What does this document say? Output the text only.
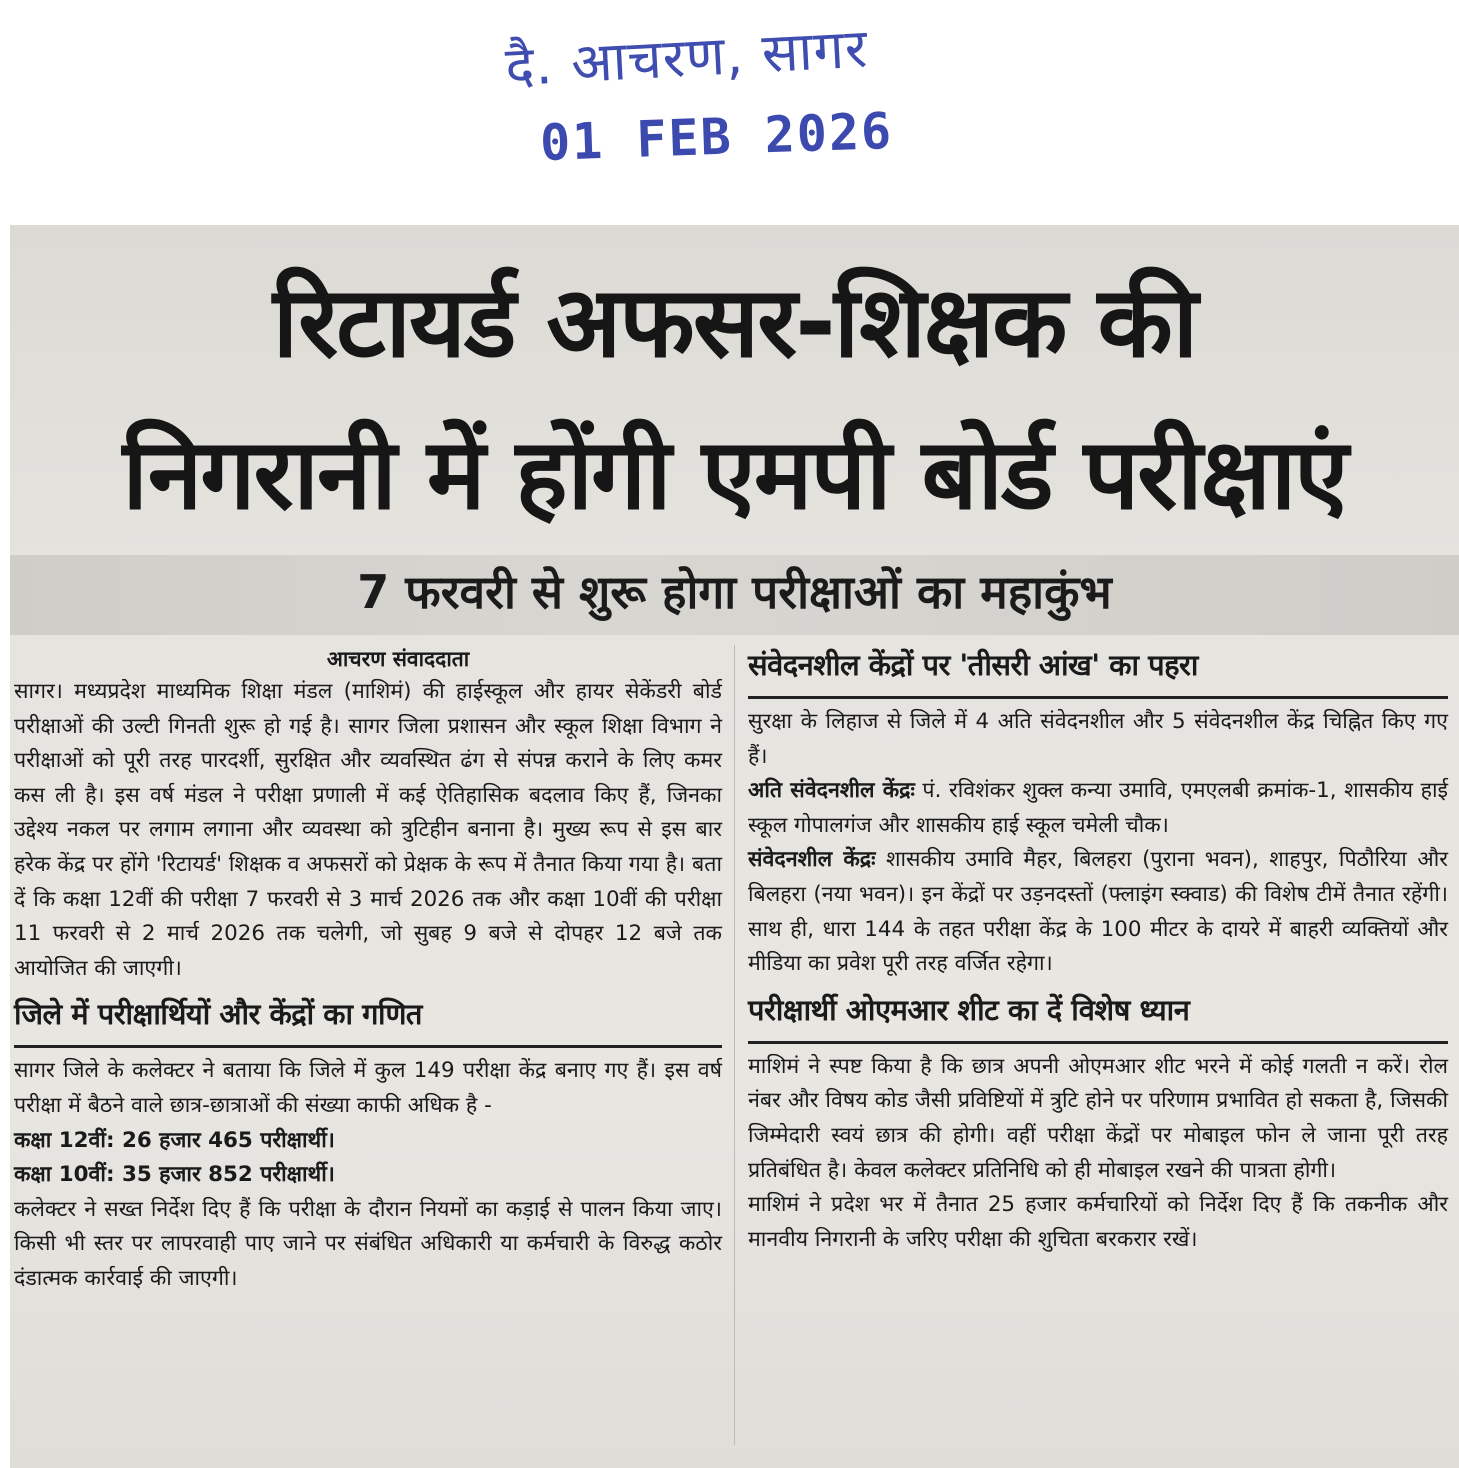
दै. आचरण, सागर
01 FEB 2026
रिटायर्ड अफसर-शिक्षक की
निगरानी में होंगी एमपी बोर्ड परीक्षाएं
7 फरवरी से शुरू होगा परीक्षाओं का महाकुंभ
आचरण संवाददाता

सागर। मध्यप्रदेश माध्यमिक शिक्षा मंडल (माशिमं) की हाईस्कूल और हायर सेकेंडरी बोर्ड परीक्षाओं की उल्टी गिनती शुरू हो गई है। सागर जिला प्रशासन और स्कूल शिक्षा विभाग ने परीक्षाओं को पूरी तरह पारदर्शी, सुरक्षित और व्यवस्थित ढंग से संपन्न कराने के लिए कमर कस ली है। इस वर्ष मंडल ने परीक्षा प्रणाली में कई ऐतिहासिक बदलाव किए हैं, जिनका उद्देश्य नकल पर लगाम लगाना और व्यवस्था को त्रुटिहीन बनाना है। मुख्य रूप से इस बार हरेक केंद्र पर होंगे 'रिटायर्ड' शिक्षक व अफसरों को प्रेक्षक के रूप में तैनात किया गया है। बता दें कि कक्षा 12वीं की परीक्षा 7 फरवरी से 3 मार्च 2026 तक और कक्षा 10वीं की परीक्षा 11 फरवरी से 2 मार्च 2026 तक चलेगी, जो सुबह 9 बजे से दोपहर 12 बजे तक आयोजित की जाएगी।

जिले में परीक्षार्थियों और केंद्रों का गणित

सागर जिले के कलेक्टर ने बताया कि जिले में कुल 149 परीक्षा केंद्र बनाए गए हैं। इस वर्ष परीक्षा में बैठने वाले छात्र-छात्राओं की संख्या काफी अधिक है -

कक्षा 12वीं: 26 हजार 465 परीक्षार्थी।

कक्षा 10वीं: 35 हजार 852 परीक्षार्थी।

कलेक्टर ने सख्त निर्देश दिए हैं कि परीक्षा के दौरान नियमों का कड़ाई से पालन किया जाए। किसी भी स्तर पर लापरवाही पाए जाने पर संबंधित अधिकारी या कर्मचारी के विरुद्ध कठोर दंडात्मक कार्रवाई की जाएगी।

संवेदनशील केंद्रों पर 'तीसरी आंख' का पहरा

सुरक्षा के लिहाज से जिले में 4 अति संवेदनशील और 5 संवेदनशील केंद्र चिह्नित किए गए हैं।

अति संवेदनशील केंद्रः पं. रविशंकर शुक्ल कन्या उमावि, एमएलबी क्रमांक-1, शासकीय हाई स्कूल गोपालगंज और शासकीय हाई स्कूल चमेली चौक।

संवेदनशील केंद्रः शासकीय उमावि मैहर, बिलहरा (पुराना भवन), शाहपुर, पिठौरिया और बिलहरा (नया भवन)। इन केंद्रों पर उड़नदस्तों (फ्लाइंग स्क्वाड) की विशेष टीमें तैनात रहेंगी। साथ ही, धारा 144 के तहत परीक्षा केंद्र के 100 मीटर के दायरे में बाहरी व्यक्तियों और मीडिया का प्रवेश पूरी तरह वर्जित रहेगा।

परीक्षार्थी ओएमआर शीट का दें विशेष ध्यान

माशिमं ने स्पष्ट किया है कि छात्र अपनी ओएमआर शीट भरने में कोई गलती न करें। रोल नंबर और विषय कोड जैसी प्रविष्टियों में त्रुटि होने पर परिणाम प्रभावित हो सकता है, जिसकी जिम्मेदारी स्वयं छात्र की होगी। वहीं परीक्षा केंद्रों पर मोबाइल फोन ले जाना पूरी तरह प्रतिबंधित है। केवल कलेक्टर प्रतिनिधि को ही मोबाइल रखने की पात्रता होगी।

माशिमं ने प्रदेश भर में तैनात 25 हजार कर्मचारियों को निर्देश दिए हैं कि तकनीक और मानवीय निगरानी के जरिए परीक्षा की शुचिता बरकरार रखें।
